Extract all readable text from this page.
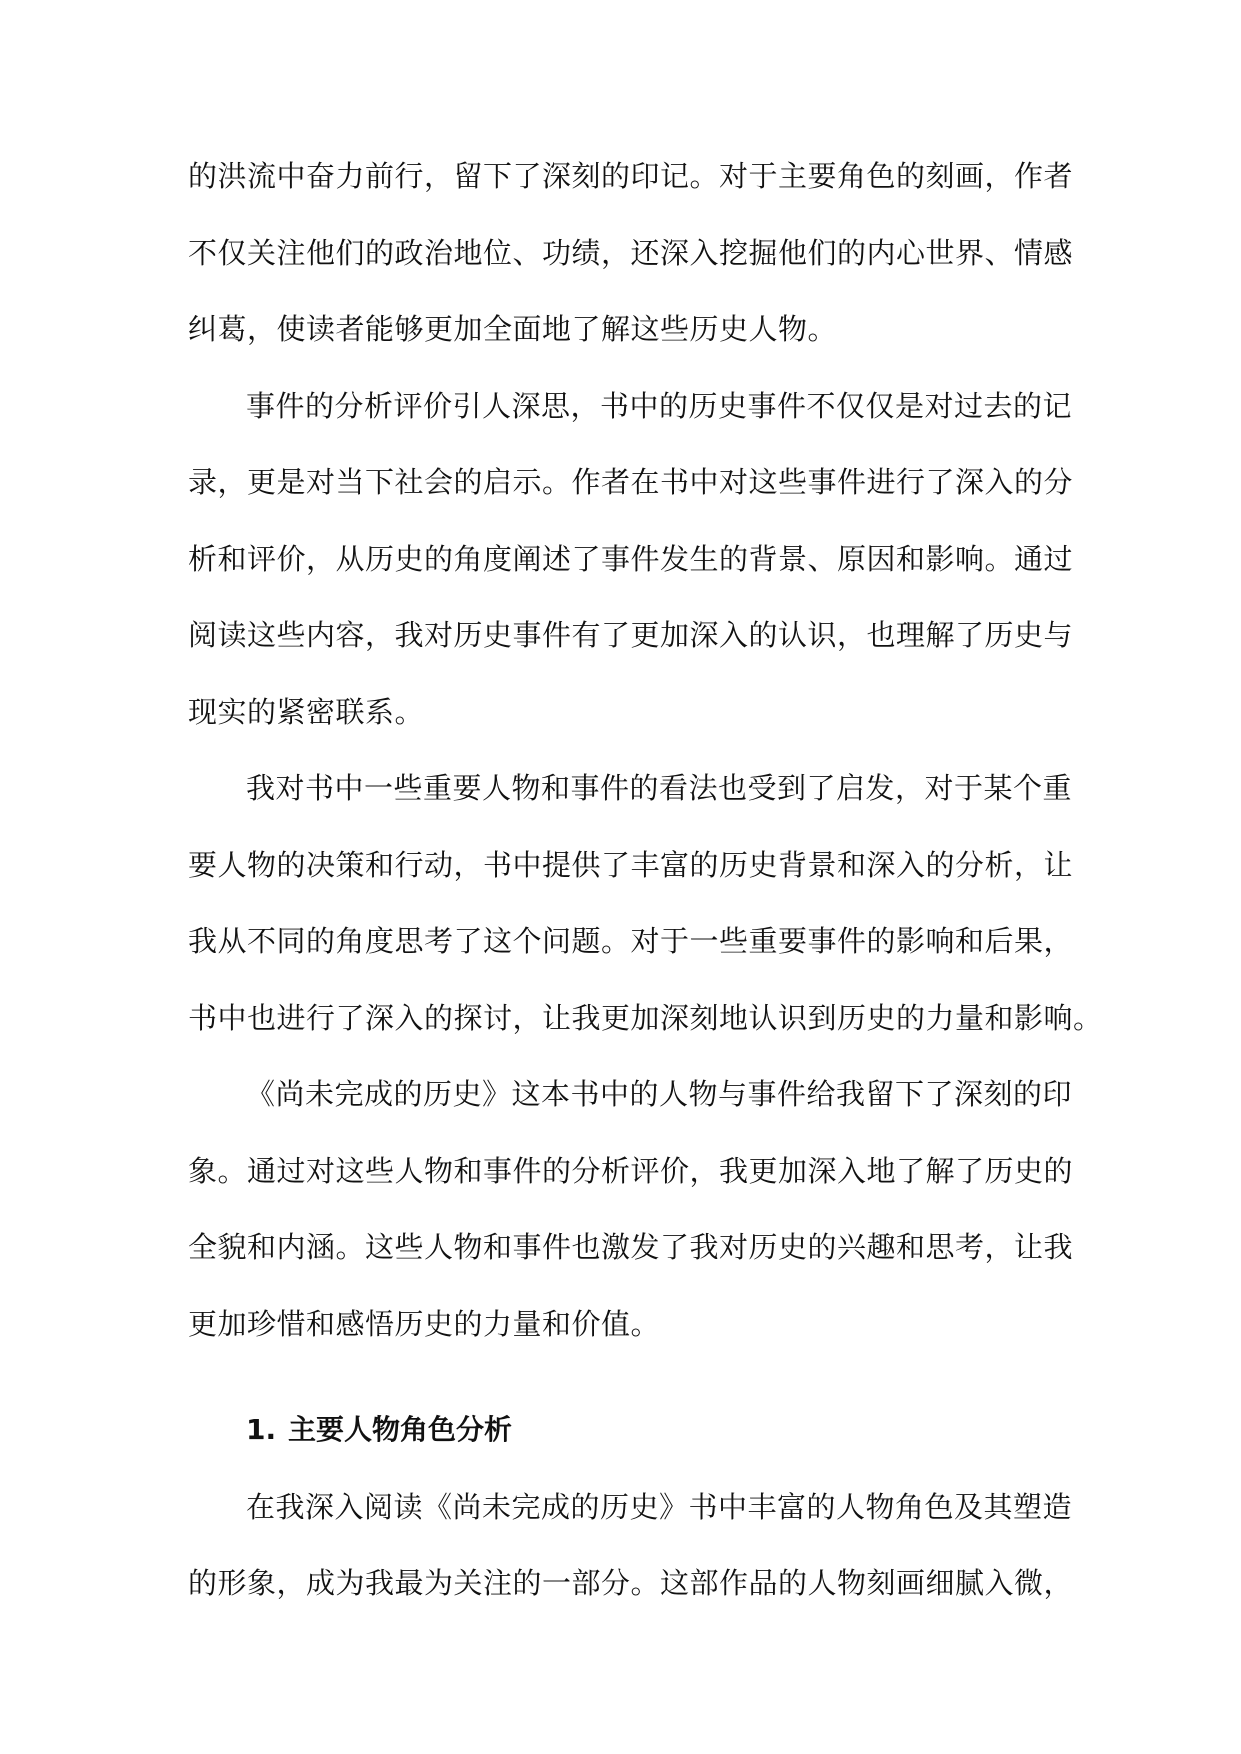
的洪流中奋力前行，留下了深刻的印记。对于主要角色的刻画，作者
不仅关注他们的政治地位、功绩，还深入挖掘他们的内心世界、情感
纠葛，使读者能够更加全面地了解这些历史人物。
事件的分析评价引人深思，书中的历史事件不仅仅是对过去的记
录，更是对当下社会的启示。作者在书中对这些事件进行了深入的分
析和评价，从历史的角度阐述了事件发生的背景、原因和影响。通过
阅读这些内容，我对历史事件有了更加深入的认识，也理解了历史与
现实的紧密联系。
我对书中一些重要人物和事件的看法也受到了启发，对于某个重
要人物的决策和行动，书中提供了丰富的历史背景和深入的分析，让
我从不同的角度思考了这个问题。对于一些重要事件的影响和后果，
书中也进行了深入的探讨，让我更加深刻地认识到历史的力量和影响。
《尚未完成的历史》这本书中的人物与事件给我留下了深刻的印
象。通过对这些人物和事件的分析评价，我更加深入地了解了历史的
全貌和内涵。这些人物和事件也激发了我对历史的兴趣和思考，让我
更加珍惜和感悟历史的力量和价值。
1. 主要人物角色分析
在我深入阅读《尚未完成的历史》书中丰富的人物角色及其塑造
的形象，成为我最为关注的一部分。这部作品的人物刻画细腻入微，
